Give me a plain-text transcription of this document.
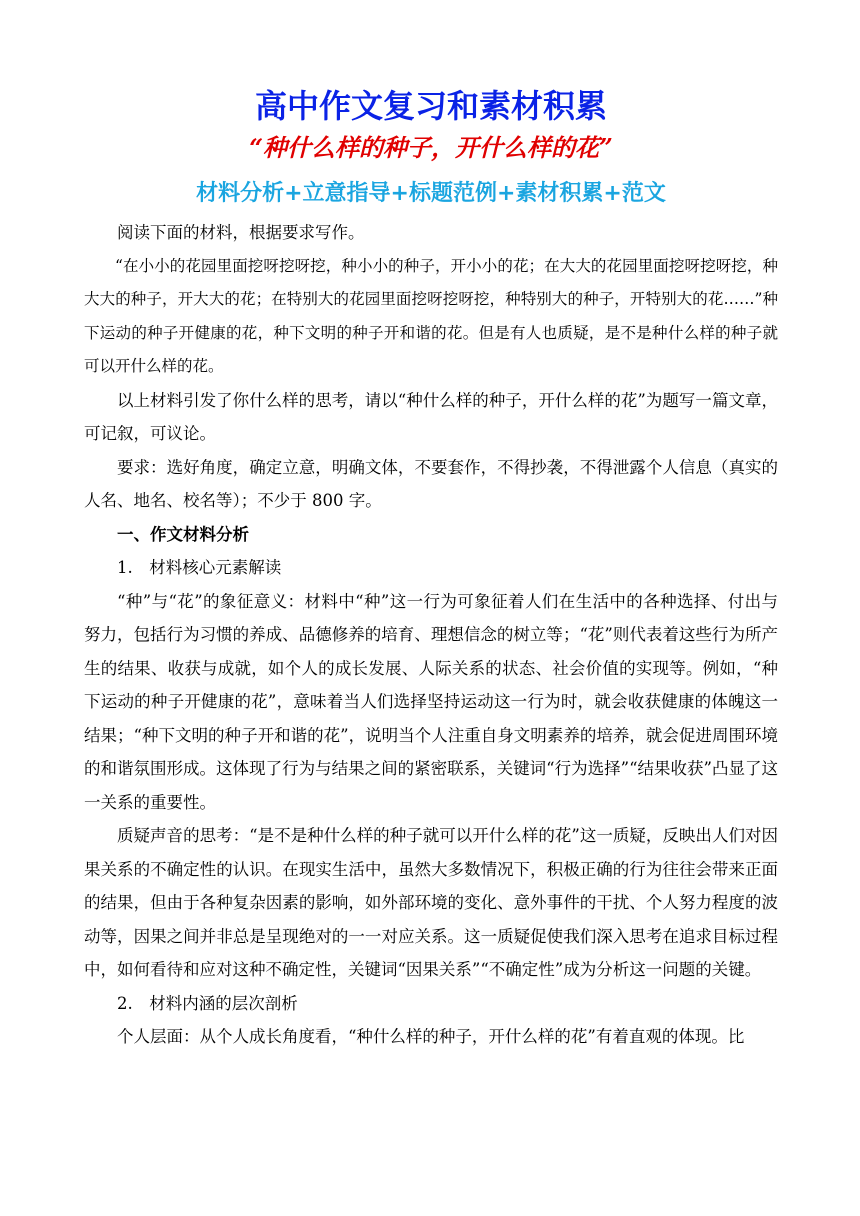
高中作文复习和素材积累
“种什么样的种子，开什么样的花”
材料分析+立意指导+标题范例+素材积累+范文

阅读下面的材料，根据要求写作。

“在小小的花园里面挖呀挖呀挖，种小小的种子，开小小的花；在大大的花园里面挖呀挖呀挖，种大大的种子，开大大的花；在特别大的花园里面挖呀挖呀挖，种特别大的种子，开特别大的花……”种下运动的种子开健康的花，种下文明的种子开和谐的花。但是有人也质疑，是不是种什么样的种子就可以开什么样的花。

以上材料引发了你什么样的思考，请以“种什么样的种子，开什么样的花”为题写一篇文章，可记叙，可议论。

要求：选好角度，确定立意，明确文体，不要套作，不得抄袭，不得泄露个人信息（真实的人名、地名、校名等）；不少于 800 字。

一、作文材料分析

1.　材料核心元素解读

“种”与“花”的象征意义：材料中“种”这一行为可象征着人们在生活中的各种选择、付出与努力，包括行为习惯的养成、品德修养的培育、理想信念的树立等；“花”则代表着这些行为所产生的结果、收获与成就，如个人的成长发展、人际关系的状态、社会价值的实现等。例如，“种下运动的种子开健康的花”，意味着当人们选择坚持运动这一行为时，就会收获健康的体魄这一结果；“种下文明的种子开和谐的花”，说明当个人注重自身文明素养的培养，就会促进周围环境的和谐氛围形成。这体现了行为与结果之间的紧密联系，关键词“行为选择”“结果收获”凸显了这一关系的重要性。

质疑声音的思考：“是不是种什么样的种子就可以开什么样的花”这一质疑，反映出人们对因果关系的不确定性的认识。在现实生活中，虽然大多数情况下，积极正确的行为往往会带来正面的结果，但由于各种复杂因素的影响，如外部环境的变化、意外事件的干扰、个人努力程度的波动等，因果之间并非总是呈现绝对的一一对应关系。这一质疑促使我们深入思考在追求目标过程中，如何看待和应对这种不确定性，关键词“因果关系”“不确定性”成为分析这一问题的关键。

2.　材料内涵的层次剖析

个人层面：从个人成长角度看，“种什么样的种子，开什么样的花”有着直观的体现。比
